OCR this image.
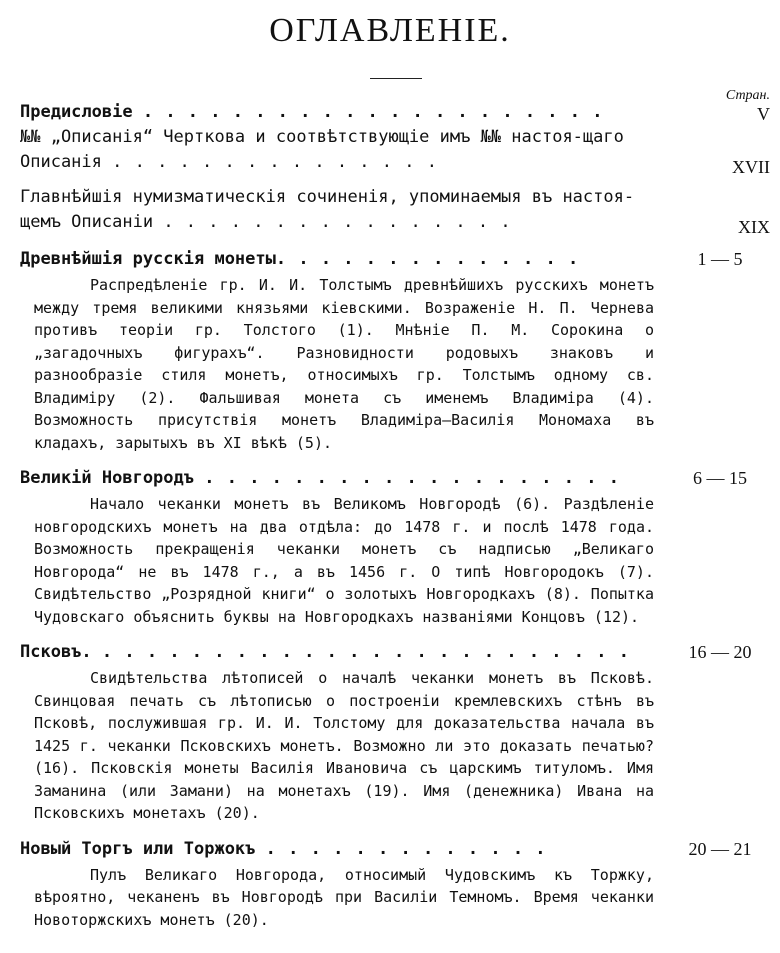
ОГЛАВЛЕНІЕ.
Стран.
Предисловіе . . . . . . . . . . . . . . . . . . . . .	V
№№ „Описанія“ Черткова и соотвѣтствующіе имъ №№ настоя-щаго Описанія . . . . . . . . . . . . . . .	XVII
Главнѣйшія нумизматическія сочиненія, упоминаемыя въ настоя-щемъ Описаніи . . . . . . . . . . . . . . . .	XIX
Древнѣйшія русскія монеты. . . . . . . . . . . . . .	1 — 5
Распредѣленіе гр. И. И. Толстымъ древнѣйшихъ русскихъ монетъ между тремя великими князьями кіевскими. Возраженіе Н. П. Чернева противъ теоріи гр. Толстого (1). Мнѣніе П. М. Сорокина о „загадочныхъ фигурахъ“. Разновидности родовыхъ знаковъ и разнообразіе стиля монетъ, относимыхъ гр. Толстымъ одному св. Владиміру (2). Фальшивая монета съ именемъ Владиміра (4). Возможность присутствія монетъ Владиміра—Василія Мономаха въ кладахъ, зарытыхъ въ XI вѣкѣ (5).
Великій Новгородъ . . . . . . . . . . . . . . . . . . .	6 — 15
Начало чеканки монетъ въ Великомъ Новгородѣ (6). Раздѣленіе новгородскихъ монетъ на два отдѣла: до 1478 г. и послѣ 1478 года. Возможность прекращенія чеканки монетъ съ надписью „Великаго Новгорода“ не въ 1478 г., а въ 1456 г. О типѣ Новгородокъ (7). Свидѣтельство „Розрядной книги“ о золотыхъ Новгородкахъ (8). Попытка Чудовскаго объяснить буквы на Новгородкахъ названіями Концовъ (12).
Псковъ. . . . . . . . . . . . . . . . . . . . . . . . .	16 — 20
Свидѣтельства лѣтописей о началѣ чеканки монетъ въ Псковѣ. Свинцовая печать съ лѣтописью о построеніи кремлевскихъ стѣнъ въ Псковѣ, послужившая гр. И. И. Толстому для доказательства начала въ 1425 г. чеканки Псковскихъ монетъ. Возможно ли это доказать печатью? (16). Псковскія монеты Василія Ивановича съ царскимъ титуломъ. Имя Заманина (или Замани) на монетахъ (19). Имя (денежника) Ивана на Псковскихъ монетахъ (20).
Новый Торгъ или Торжокъ . . . . . . . . . . . . .	20 — 21
Пулъ Великаго Новгорода, относимый Чудовскимъ къ Торжку, вѣроятно, чеканенъ въ Новгородѣ при Василіи Темномъ. Время чеканки Новоторжскихъ монетъ (20).
